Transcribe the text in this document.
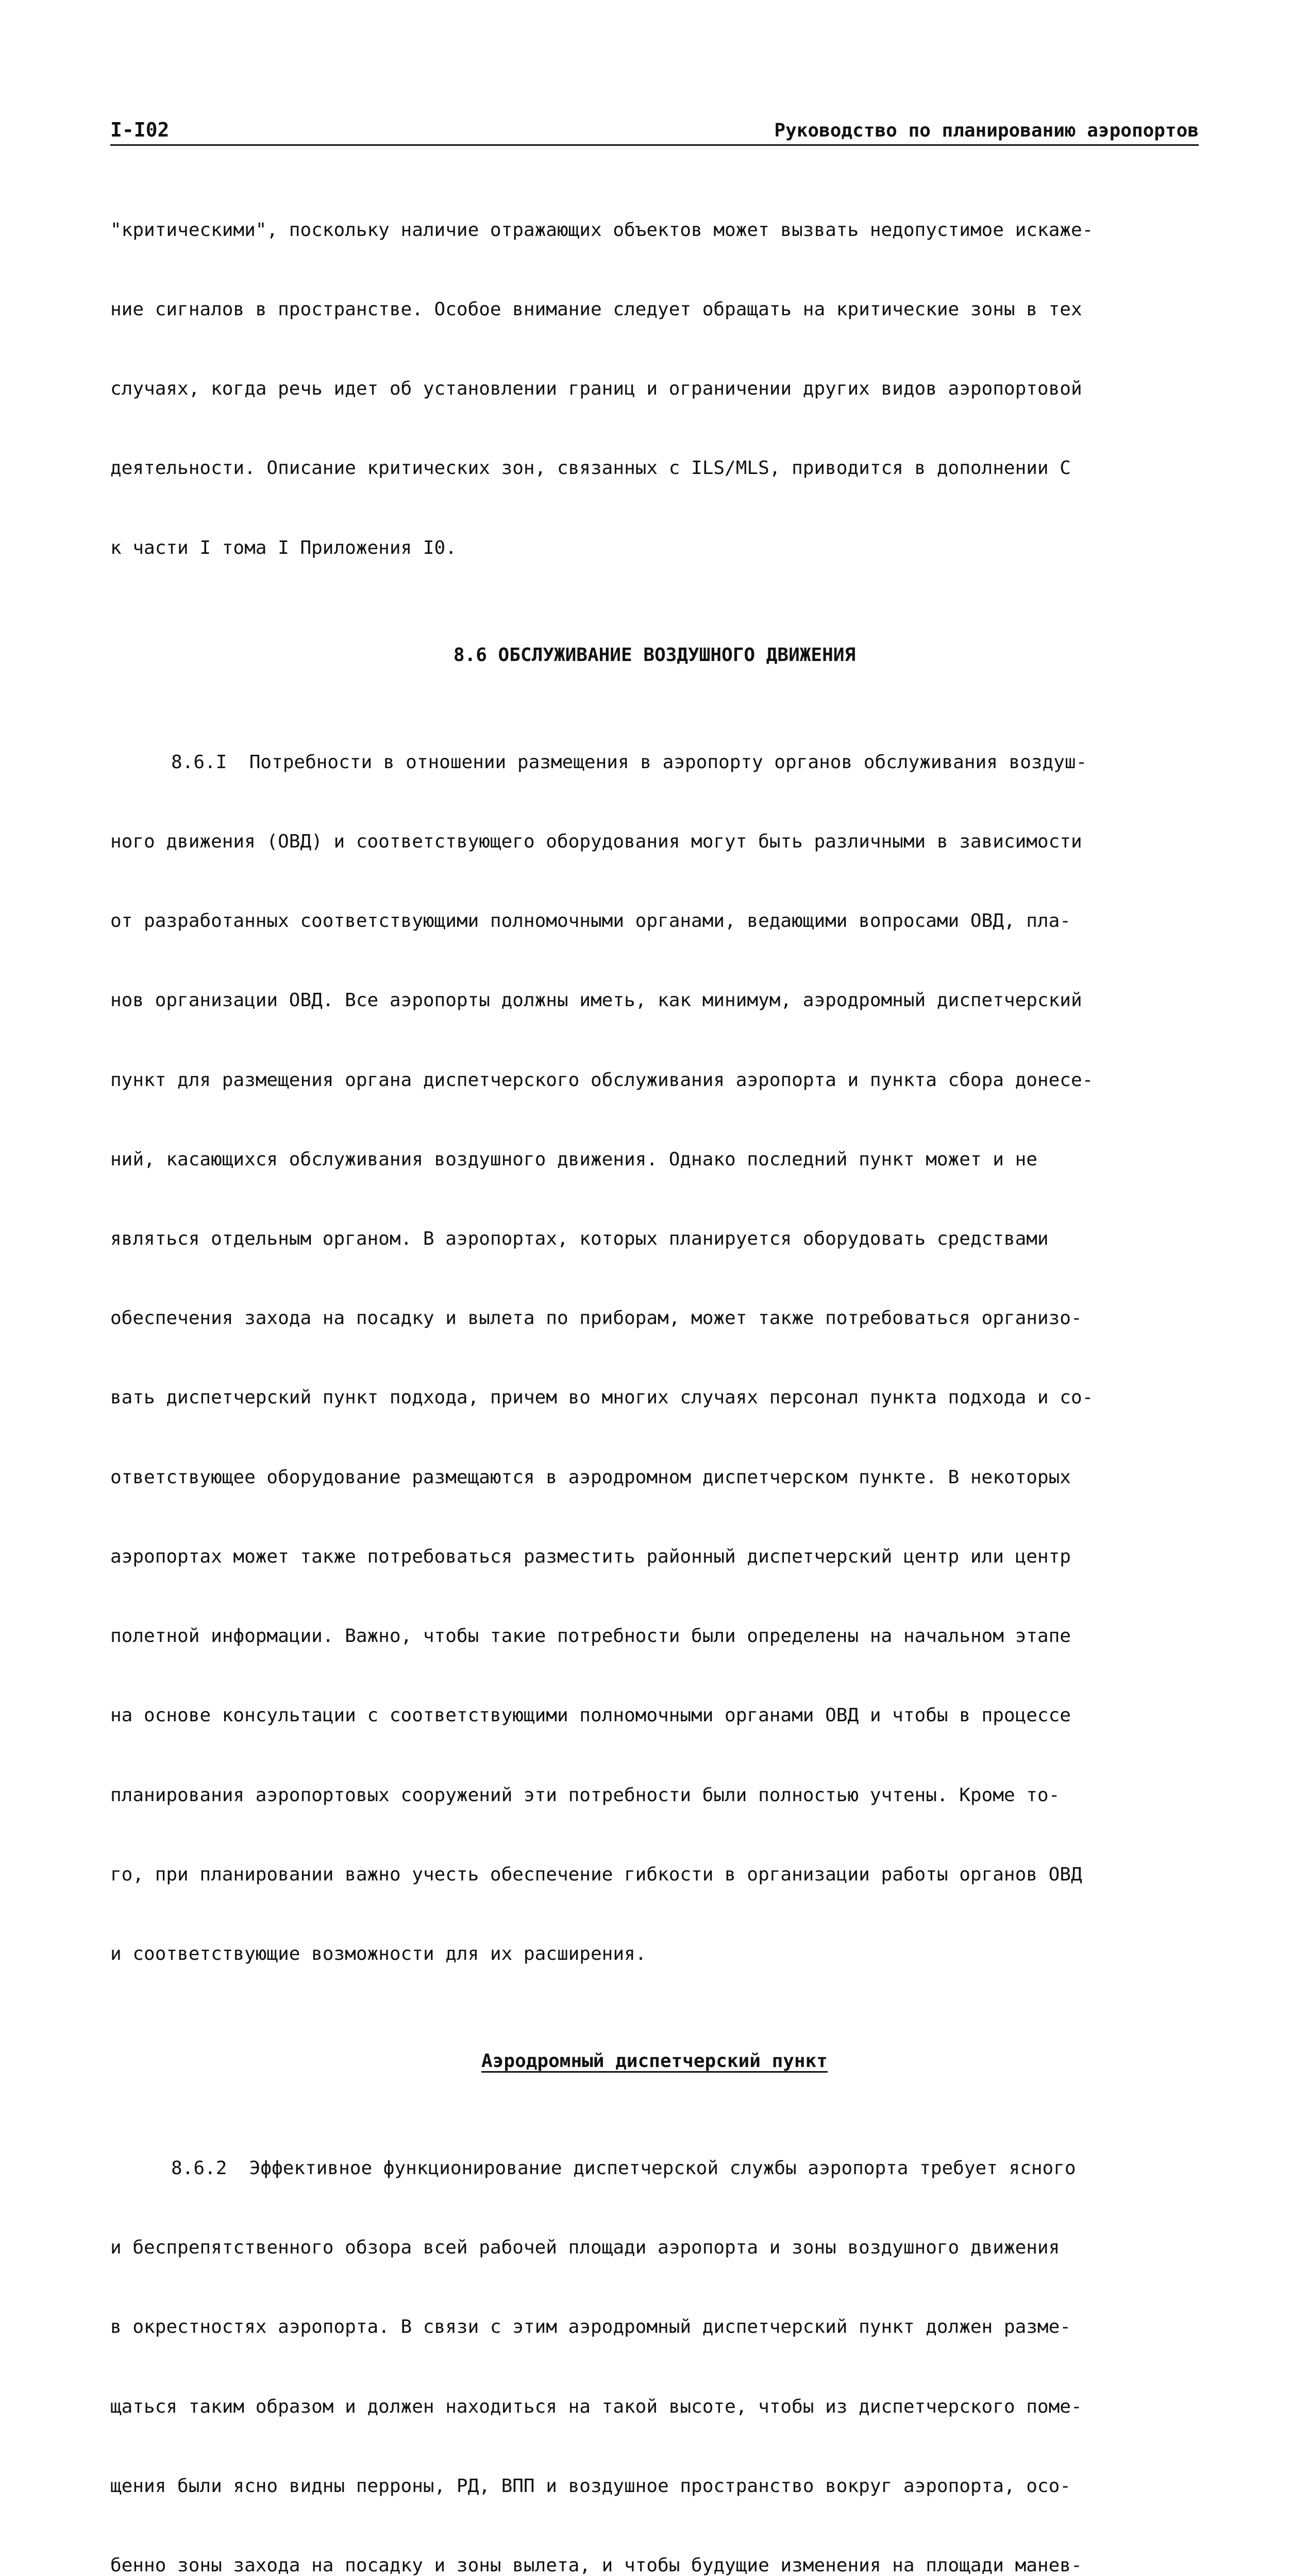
I-I02	Руководство по планированию аэропортов

"критическими", поскольку наличие отражающих объектов может вызвать недопустимое искаже-

ние сигналов в пространстве. Особое внимание следует обращать на критические зоны в тех

случаях, когда речь идет об установлении границ и ограничении других видов аэропортовой

деятельности. Описание критических зон, связанных с ILS/MLS, приводится в дополнении С

к части I тома I Приложения I0.

8.6 ОБСЛУЖИВАНИЕ ВОЗДУШНОГО ДВИЖЕНИЯ

8.6.I  Потребности в отношении размещения в аэропорту органов обслуживания воздуш-

ного движения (ОВД) и соответствующего оборудования могут быть различными в зависимости

от разработанных соответствующими полномочными органами, ведающими вопросами ОВД, пла-

нов организации ОВД. Все аэропорты должны иметь, как минимум, аэродромный диспетчерский

пункт для размещения органа диспетчерского обслуживания аэропорта и пункта сбора донесе-

ний, касающихся обслуживания воздушного движения. Однако последний пункт может и не

являться отдельным органом. В аэропортах, которых планируется оборудовать средствами

обеспечения захода на посадку и вылета по приборам, может также потребоваться организо-

вать диспетчерский пункт подхода, причем во многих случаях персонал пункта подхода и со-

ответствующее оборудование размещаются в аэродромном диспетчерском пункте. В некоторых

аэропортах может также потребоваться разместить районный диспетчерский центр или центр

полетной информации. Важно, чтобы такие потребности были определены на начальном этапе

на основе консультации с соответствующими полномочными органами ОВД и чтобы в процессе

планирования аэропортовых сооружений эти потребности были полностью учтены. Кроме то-

го, при планировании важно учесть обеспечение гибкости в организации работы органов ОВД

и соответствующие возможности для их расширения.

Аэродромный диспетчерский пункт

8.6.2  Эффективное функционирование диспетчерской службы аэропорта требует ясного

и беспрепятственного обзора всей рабочей площади аэропорта и зоны воздушного движения

в окрестностях аэропорта. В связи с этим аэродромный диспетчерский пункт должен разме-

щаться таким образом и должен находиться на такой высоте, чтобы из диспетчерского поме-

щения были ясно видны перроны, РД, ВПП и воздушное пространство вокруг аэропорта, осо-

бенно зоны захода на посадку и зоны вылета, и чтобы будущие изменения на площади манев-
